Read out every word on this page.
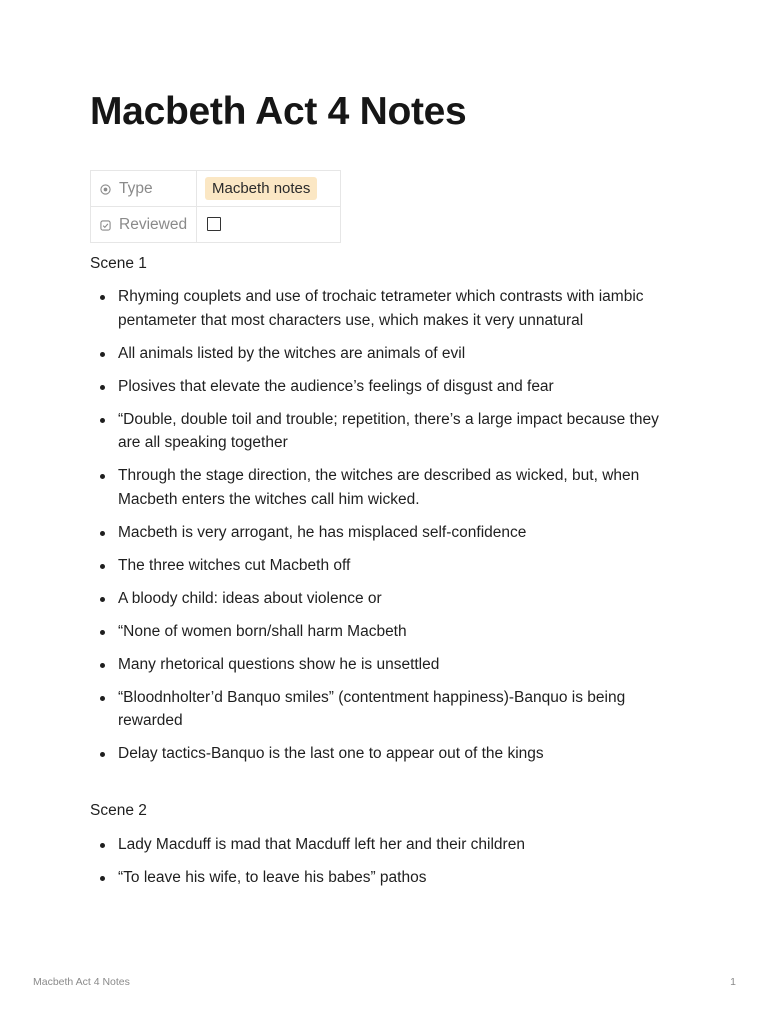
Macbeth Act 4 Notes
Type	Macbeth notes

Reviewed	

Scene 1
Rhyming couplets and use of trochaic tetrameter which contrasts with iambic pentameter that most characters use, which makes it very unnatural
All animals listed by the witches are animals of evil
Plosives that elevate the audience’s feelings of disgust and fear
“Double, double toil and trouble; repetition, there’s a large impact because they are all speaking together
Through the stage direction, the witches are described as wicked, but, when Macbeth enters the witches call him wicked.
Macbeth is very arrogant, he has misplaced self-confidence
The three witches cut Macbeth off
A bloody child: ideas about violence or
“None of women born/shall harm Macbeth
Many rhetorical questions show he is unsettled
“Bloodnholter’d Banquo smiles” (contentment happiness)-Banquo is being rewarded
Delay tactics-Banquo is the last one to appear out of the kings
Scene 2
Lady Macduff is mad that Macduff left her and their children
“To leave his wife, to leave his babes” pathos
Macbeth Act 4 Notes	1
